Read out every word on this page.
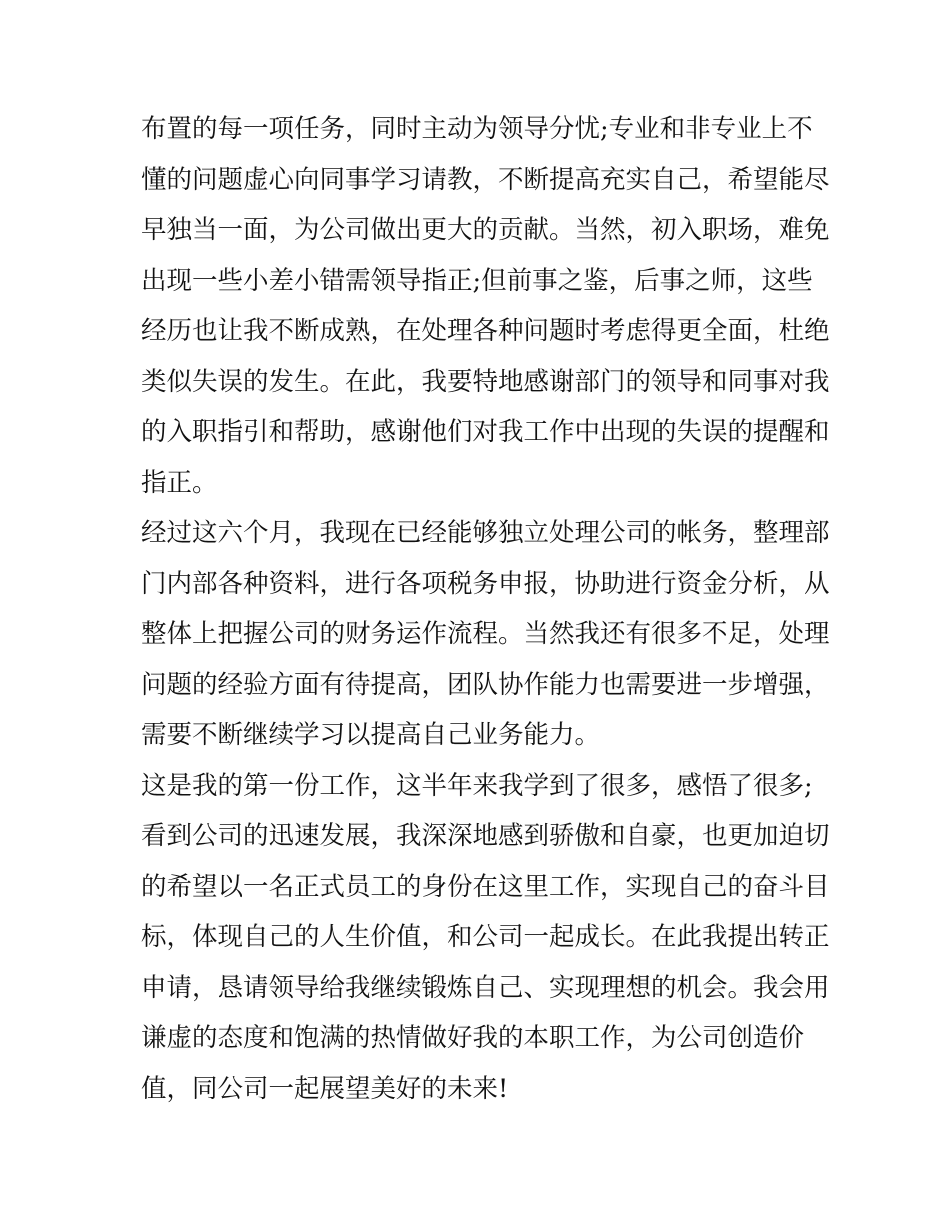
布置的每一项任务，同时主动为领导分忧;专业和非专业上不
懂的问题虚心向同事学习请教，不断提高充实自己，希望能尽
早独当一面，为公司做出更大的贡献。当然，初入职场，难免
出现一些小差小错需领导指正;但前事之鉴，后事之师，这些
经历也让我不断成熟，在处理各种问题时考虑得更全面，杜绝
类似失误的发生。在此，我要特地感谢部门的领导和同事对我
的入职指引和帮助，感谢他们对我工作中出现的失误的提醒和
指正。
经过这六个月，我现在已经能够独立处理公司的帐务，整理部
门内部各种资料，进行各项税务申报，协助进行资金分析，从
整体上把握公司的财务运作流程。当然我还有很多不足，处理
问题的经验方面有待提高，团队协作能力也需要进一步增强，
需要不断继续学习以提高自己业务能力。
这是我的第一份工作，这半年来我学到了很多，感悟了很多;
看到公司的迅速发展，我深深地感到骄傲和自豪，也更加迫切
的希望以一名正式员工的身份在这里工作，实现自己的奋斗目
标，体现自己的人生价值，和公司一起成长。在此我提出转正
申请，恳请领导给我继续锻炼自己、实现理想的机会。我会用
谦虚的态度和饱满的热情做好我的本职工作，为公司创造价
值，同公司一起展望美好的未来!
